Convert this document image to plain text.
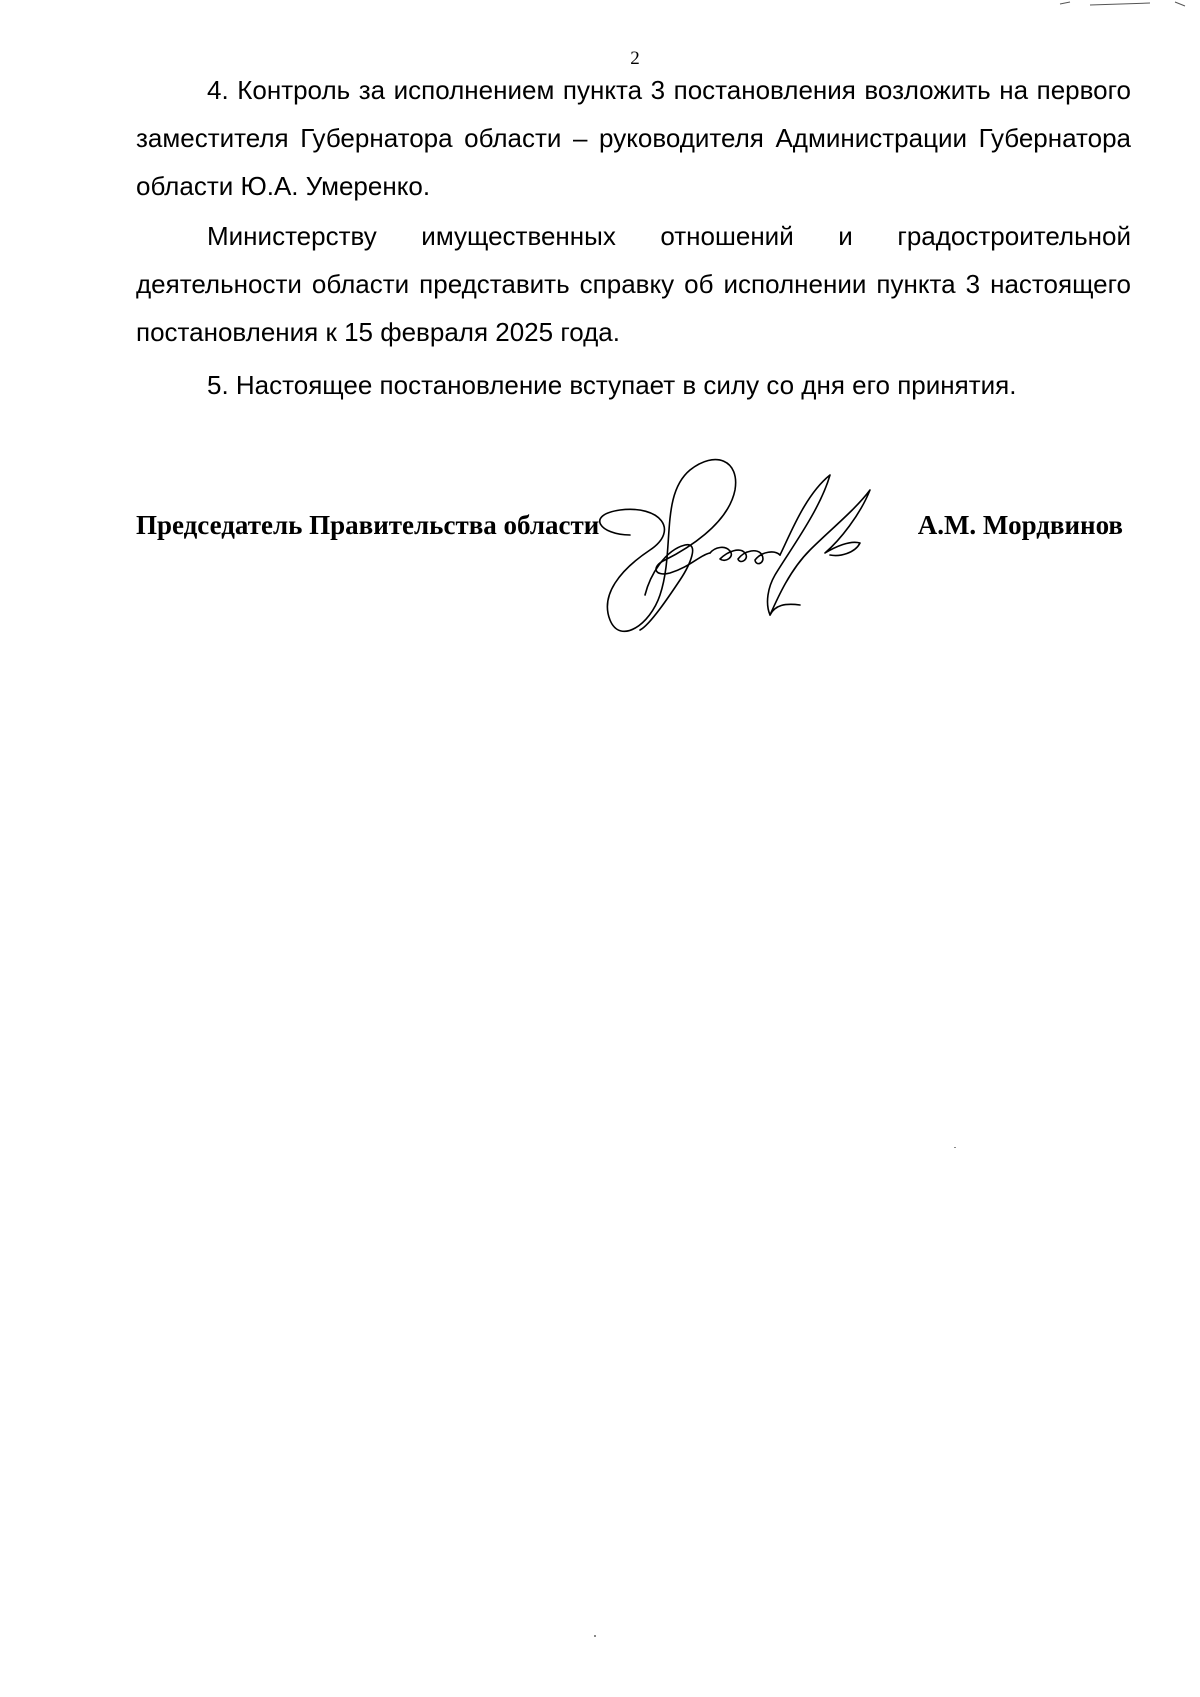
2

4. Контроль за исполнением пункта 3 постановления возложить на первого заместителя Губернатора области – руководителя Администрации Губернатора области Ю.А. Умеренко.

Министерству имущественных отношений и градостроительной деятельности области представить справку об исполнении пункта 3 настоящего постановления к 15 февраля 2025 года.

5. Настоящее постановление вступает в силу со дня его принятия.

Председатель Правительства области	А.М. Мордвинов
